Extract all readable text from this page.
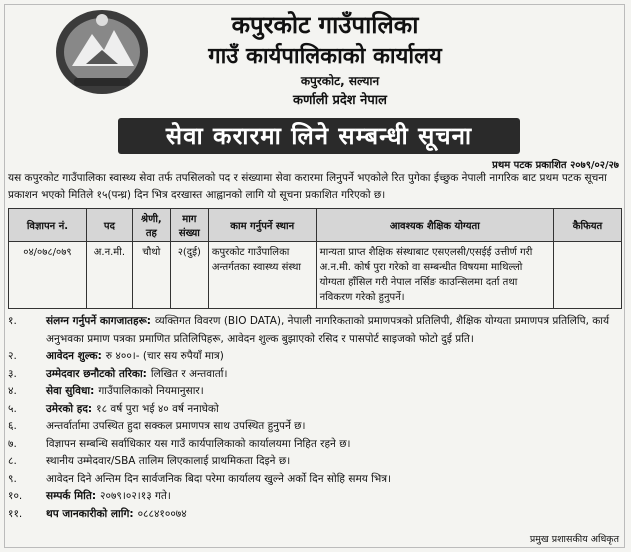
कपुरकोट गाउँपालिका
गाउँ कार्यपालिकाको कार्यालय
कपुरकोट, सल्यान
कर्णाली प्रदेश नेपाल
सेवा करारमा लिने सम्बन्धी सूचना
प्रथम पटक प्रकाशित २०७९/०२/२७
यस कपुरकोट गाउँपालिका स्वास्थ्य सेवा तर्फ तपसिलको पद र संख्यामा सेवा करारमा लिनुपर्ने भएकोले रित पुगेका ईच्छुक नेपाली नागरिक बाट प्रथम पटक सूचना प्रकाशन भएको मितिले १५(पन्ध्र) दिन भित्र दरखास्त आह्वानको लागि यो सूचना प्रकाशित गरिएको छ।
विज्ञापन नं.	पद	श्रेणी, तह	माग संख्या	काम गर्नुपर्ने स्थान	आवश्यक शैक्षिक योग्यता	कैफियत
०४/०७८/०७९	अ.न.मी.	चौथो	२(दुई)	कपुरकोट गाउँपालिका अन्तर्गतका स्वास्थ्य संस्था	मान्यता प्राप्त शैक्षिक संस्थाबाट एसएलसी/एसईई उत्तीर्ण गरी अ.न.मी. कोर्ष पुरा गरेको वा सम्बन्धीत विषयमा माथिल्लो योग्यता हाँसिल गरी नेपाल नर्सिङ काउन्सिलमा दर्ता तथा नविकरण गरेको हुनुपर्ने।	
१.	संलग्न गर्नुपर्ने कागजातहरू: व्यक्तिगत विवरण (BIO DATA), नेपाली नागरिकताको प्रमाणपत्रको प्रतिलिपी, शैक्षिक योग्यता प्रमाणपत्र प्रतिलिपि, कार्य अनुभवका प्रमाण पत्रका प्रमाणित प्रतिलिपिहरू, आवेदन शुल्क बुझाएको रसिद र पासपोर्ट साइजको फोटो दुई प्रति।
२.	आवेदन शुल्क: रु ४००।- (चार सय रुपैयाँ मात्र)
३.	उम्मेदवार छनौटको तरिका: लिखित र अन्तवार्ता।
४.	सेवा सुविधा: गाउँपालिकाको नियमानुसार।
५.	उमेरको हद: १८ वर्ष पुरा भई ४० वर्ष ननाघेको
६.	अन्तर्वार्तामा उपस्थित हुदा सक्कल प्रमाणपत्र साथ उपस्थित हुनुपर्ने छ।
७.	विज्ञापन सम्बन्धि सर्वाधिकार यस गाउँ कार्यपालिकाको कार्यालयमा निहित रहने छ।
८.	स्थानीय उम्मेदवार/SBA तालिम लिएकालाई प्राथमिकता दिइने छ।
९.	आवेदन दिने अन्तिम दिन सार्वजनिक बिदा परेमा कार्यालय खुल्ने अर्को दिन सोहि समय भित्र।
१०.	सम्पर्क मिति: २०७९।०२।१३ गते।
११.	थप जानकारीको लागि: ०८८४१००७४
प्रमुख प्रशासकीय अधिकृत
